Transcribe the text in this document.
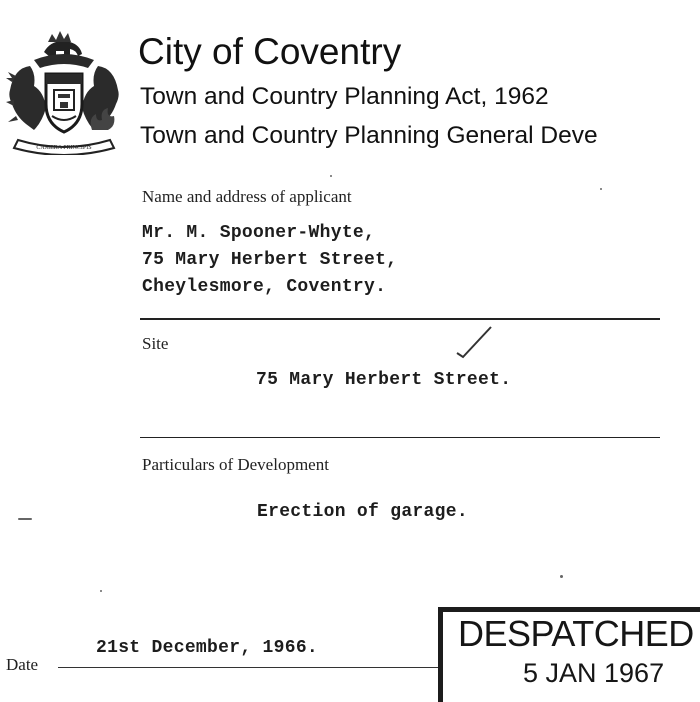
CAMERA PRINCIPIS
City of Coventry
Town and Country Planning Act, 1962
Town and Country Planning General Deve
Name and address of applicant
Mr. M. Spooner-Whyte,
75 Mary Herbert Street,
Cheylesmore, Coventry.
Site
75 Mary Herbert Street.
Particulars of Development
Erection of garage.
Date
21st December, 1966.	DESPATCHED
5 JAN 1967
